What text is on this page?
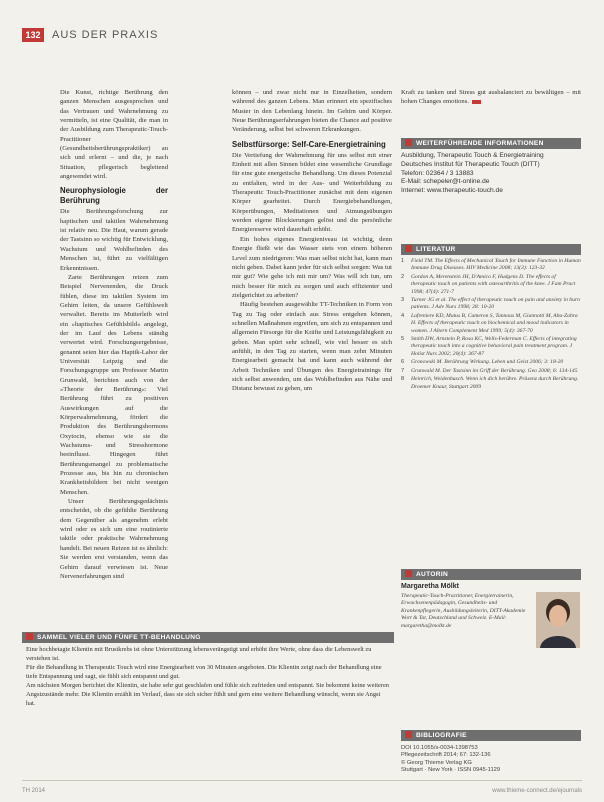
132	AUS DER PRAXIS

Die Kunst, richtige Berührung den ganzen Menschen ausgesprochen und das Vertrauen und Wahrnehmung zu vermitteln, ist eine Qualität, die man in der Ausbildung zum Therapeutic-Touch-Practitioner (Gesundheitsberührungspraktiker) an sich und erlernt – und die, je nach Situation, pflegerisch begleitend angewendet wird.

Neurophysiologie der Berührung

Die Berührungsforschung zur haptischen und taktilen Wahrnehmung ist relativ neu. Die Haut, warum gerade der Tastsinn so wichtig für Entwicklung, Wachstum und Wohlbefinden des Menschen ist, führt zu vielfältigen Erkenntnissen.

Zarte Berührungen reizen zum Beispiel Nervenenden, die Druck fühlen, diese im taktilen System im Gehirn leiten, da unsere Gefühlswelt verwaltet. Bereits im Mutterleib wird ein »haptisches Gefühlsbild« angelegt, der im Lauf des Lebens ständig verwertet wird. Forschungsergebnisse, genannt seien hier das Haptik-Labor der Universität Leipzig und die Forschungsgruppe um Professor Martin Grunwald, berichten auch von der »Theorie der Berührung«: Viel Berührung führt zu positiven Auswirkungen auf die Körperwahrnehmung, fördert die Produktion des Berührungshormons Oxytocin, ebenso wie sie die Wachstums- und Stresshormone beeinflusst. Hingegen führt Berührungsmangel zu problematische Prozesse aus, bis hin zu chronischen Krankheitsbildern bei nicht wenigen Menschen.

Unser Berührungsgedächtnis entscheidet, ob die gefühlte Berührung dem Gegenüber als angenehm erlebt wird oder es sich um eine routinierte taktile oder praktische Wahrnehmung handelt. Bei neuen Reizen ist es ähnlich: Sie werden erst verstanden, wenn das Gehirn darauf verwiesen ist. Neue Nervenerfahrungen sind

können – und zwar nicht nur in Einzelheiten, sondern während des ganzen Lebens. Man erinnert ein spezifisches Muster in den Lebenlang hinein. Im Gehirn und Körper. Neue Berührungserfahrungen bieten die Chance auf positive Veränderung, selbst bei schweren Erkrankungen.

Selbstfürsorge: Self-Care-Energietraining

Die Vertiefung der Wahrnehmung für uns selbst mit einer Einheit mit allen Sinnen bildet eine wesentliche Grundlage für eine gute energetische Behandlung. Um dieses Potenzial zu entfalten, wird in der Aus- und Weiterbildung zu Therapeutic Touch-Practitioner zunächst mit dem eigenen Körper gearbeitet. Durch Energiebehandlungen, Körperübungen, Meditationen und Atmungsübungen werden eigene Blockierungen gelöst und die persönliche Energiereserve wird dauerhaft erhöht.

Ein hohes eigenes Energieniveau ist wichtig, denn Energie fließt wie das Wasser stets von einem höheren Level zum niedrigeren: Was man selbst nicht hat, kann man nicht geben. Dabei kann jeder für sich selbst sorgen: Was tut mir gut? Wie gehe ich mit mir um? Was will ich tun, um mich besser für mich zu sorgen und auch effizienter und zielgerichtet zu arbeiten?

Häufig bestehen ausgewählte TT-Techniken in Form von Tag zu Tag oder einfach aus Stress entgehen können, schnellen Maßnahmen ergreifen, um sich zu entspannen und allgemein Fürsorge für die Kräfte und Leistungsfähigkeit zu geben. Man spürt sehr schnell, wie viel besser es sich anfühlt, in den Tag zu starten, wenn man zehn Minuten Energiearbeit gemacht hat und kann auch während der Arbeit Techniken und Übungen des Energietrainings für sich selbst anwenden, um das Wohlbefinden aus Nähe und Distanz bewusst zu gehen, um

Kraft zu tanken und Stress gut ausbalanciert zu bewältigen – mit hohen Changes emotions.

WEITERFÜHRENDE INFORMATIONEN
Ausbildung, Therapeutic Touch & Energietraining
Deutsches Institut für Therapeutic Touch (DITT)
Telefon: 02364 / 3 13883
E-Mail: schepeler@t-online.de
Internet: www.therapeutic-touch.de
LITERATUR
1	Field TM. The Effects of Mechanical Touch for Immune Function in Human Immune Drug Diseases. HIV Medicine 2008; 13(3): 123-32
2	Gordon A, Merenstein JH, D'Amico F, Hudgens D. The effects of therapeutic touch on patients with osteoarthritis of the knee. J Fam Pract 1998; 47(4): 271-7
3	Turner JG et al. The effect of therapeutic touch on pain and anxiety in burn patients. J Adv Nurs 1998; 28: 10-20
4	Lafreniere KD, Mutus B, Cameron S, Tannous M, Giannotti M, Abu-Zahra H. Effects of therapeutic touch on biochemical and mood indicators in women. J Altern Complement Med 1999; 5(4): 367-70
5	Smith DW, Arnstein P, Rosa KC, Wells-Federman C. Effects of integrating therapeutic touch into a cognitive behavioral pain treatment program. J Holist Nurs 2002; 20(4): 367-87
6	Gronowski M. Berührung Wirkung. Leben und Geist 2006; 3: 18-20
7	Grunwald M. Der Tastsinn im Griff der Berührung. Geo 2008; 6: 134-145
8	Heinrich, Weidenbusch. Wenn ich dich berühre. Präsenz durch Berührung. Droemer Knaur, Stuttgart 2009
AUTORIN
Margaretha Mölkt
Therapeutic-Touch-Practitioner, Energietrainerin, Erwachsenenpädagogin, Gesundheits- und Krankenpflegerin, Ausbildungsleiterin, DITT-Akademie Wort & Tat, Deutschland und Schweiz. E-Mail: margaretha@molkt.de
BIBLIOGRAFIE
DOI 10.1055/s-0034-1398753
Pflegezeitschrift 2014; 67: 132-136
© Georg Thieme Verlag KG
Stuttgart · New York · ISSN 0945-1129
SAMMEL VIELER UND FÜNFE TT-BEHANDLUNG

Eine hochbetagte Klientin mit Brustkrebs ist ohne Unterstützung lebensverängstigt und erhöht ihre Werte, ohne dass die Lebenswelt zu verstehen ist.

Für die Behandlung in Therapeutic Touch wird eine Energiearbeit von 30 Minuten angeboten. Die Klientin zeigt nach der Behandlung eine tiefe Entspannung und sagt, sie fühlt sich entspannt und gut.

Am nächsten Morgen berichtet die Klientin, sie habe sehr gut geschlafen und fühle sich zufrieden und entspannt. Sie bekommt keine weiteren Angstzustände mehr. Die Klientin erzählt im Verlauf, dass sie sich sicher fühlt und gern eine weitere Behandlung wünscht, wenn sie Angst hat.

TH 2014	www.thieme-connect.de/ejournals
